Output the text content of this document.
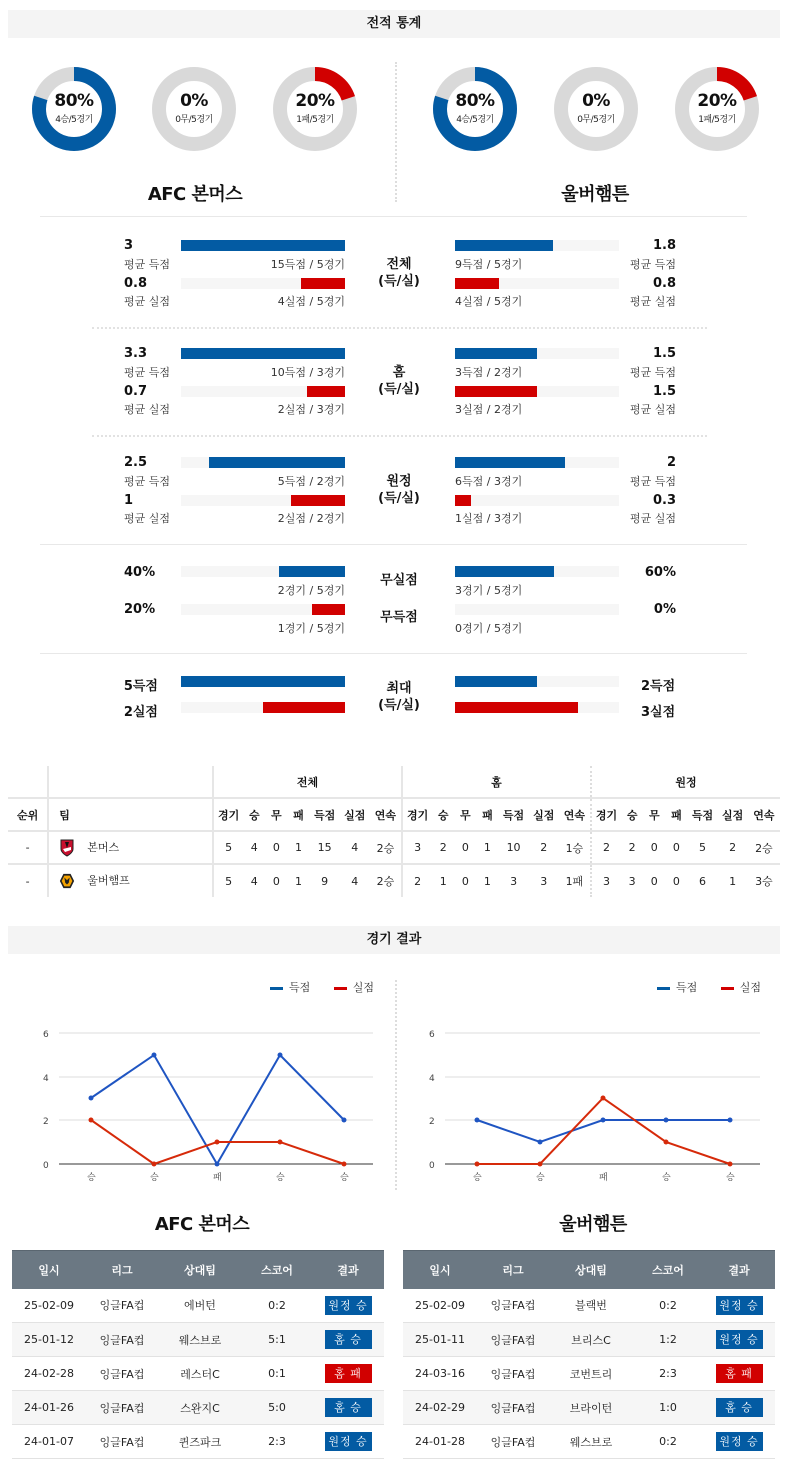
전적 통계
80%
4승/5경기
0%
0무/5경기
20%
1패/5경기
AFC 본머스
80%
4승/5경기
0%
0무/5경기
20%
1패/5경기
울버햄튼
3
평균 득점	15득점 / 5경기
0.8
평균 실점	4실점 / 5경기
전체
(득/실)
9득점 / 5경기
1.8
평균 득점
4실점 / 5경기
0.8
평균 실점
3.3
평균 득점	10득점 / 3경기
0.7
평균 실점	2실점 / 3경기
홈
(득/실)
3득점 / 2경기
1.5
평균 득점
3실점 / 2경기
1.5
평균 실점
2.5
평균 득점	5득점 / 2경기
1
평균 실점	2실점 / 2경기
원정
(득/실)
6득점 / 3경기
2
평균 득점
1실점 / 3경기
0.3
평균 실점
40%
2경기 / 5경기
무실점
3경기 / 5경기
60%
20%
1경기 / 5경기
무득점
0경기 / 5경기
0%
5득점
2실점
최대
(득/실)
2득점
3실점
		전체							홈							원정						
순위	팀	경기	승	무	패	득점	실점	연속	경기	승	무	패	득점	실점	연속	경기	승	무	패	득점	실점	연속
-	본머스	5	4	0	1	15	4	2승	3	2	0	1	10	2	1승	2	2	0	0	5	2	2승
-	울버햄프	5	4	0	1	9	4	2승	2	1	0	1	3	3	1패	3	3	0	0	6	1	3승
경기 결과
득점	실점
6
4
2
0
승	승	패	승	승
득점	실점
6
4
2
0
승	승	패	승	승
AFC 본머스	울버햄튼
일시	리그	상대팀	스코어	결과
25-02-09	잉글FA컵	에버턴	0:2	원정 승
25-01-12	잉글FA컵	웨스브로	5:1	홈 승
24-02-28	잉글FA컵	레스터C	0:1	홈 패
24-01-26	잉글FA컵	스완지C	5:0	홈 승
24-01-07	잉글FA컵	퀸즈파크	2:3	원정 승
일시	리그	상대팀	스코어	결과
25-02-09	잉글FA컵	블랙번	0:2	원정 승
25-01-11	잉글FA컵	브리스C	1:2	원정 승
24-03-16	잉글FA컵	코번트리	2:3	홈 패
24-02-29	잉글FA컵	브라이턴	1:0	홈 승
24-01-28	잉글FA컵	웨스브로	0:2	원정 승
